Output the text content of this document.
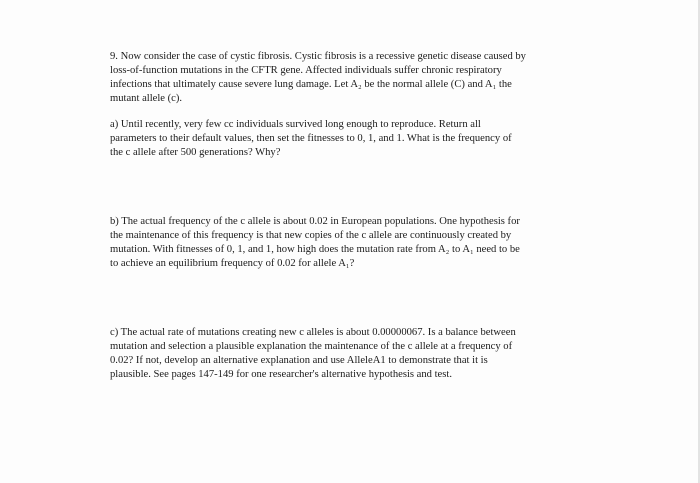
9. Now consider the case of cystic fibrosis. Cystic fibrosis is a recessive genetic disease caused by
loss-of-function mutations in the CFTR gene. Affected individuals suffer chronic respiratory
infections that ultimately cause severe lung damage. Let A₂ be the normal allele (C) and A₁ the
mutant allele (c).
a) Until recently, very few cc individuals survived long enough to reproduce. Return all
parameters to their default values, then set the fitnesses to 0, 1, and 1. What is the frequency of
the c allele after 500 generations? Why?
b) The actual frequency of the c allele is about 0.02 in European populations. One hypothesis for
the maintenance of this frequency is that new copies of the c allele are continuously created by
mutation. With fitnesses of 0, 1, and 1, how high does the mutation rate from A₂ to A₁ need to be
to achieve an equilibrium frequency of 0.02 for allele A₁?
c) The actual rate of mutations creating new c alleles is about 0.00000067. Is a balance between
mutation and selection a plausible explanation the maintenance of the c allele at a frequency of
0.02? If not, develop an alternative explanation and use AlleleA1 to demonstrate that it is
plausible. See pages 147-149 for one researcher's alternative hypothesis and test.
